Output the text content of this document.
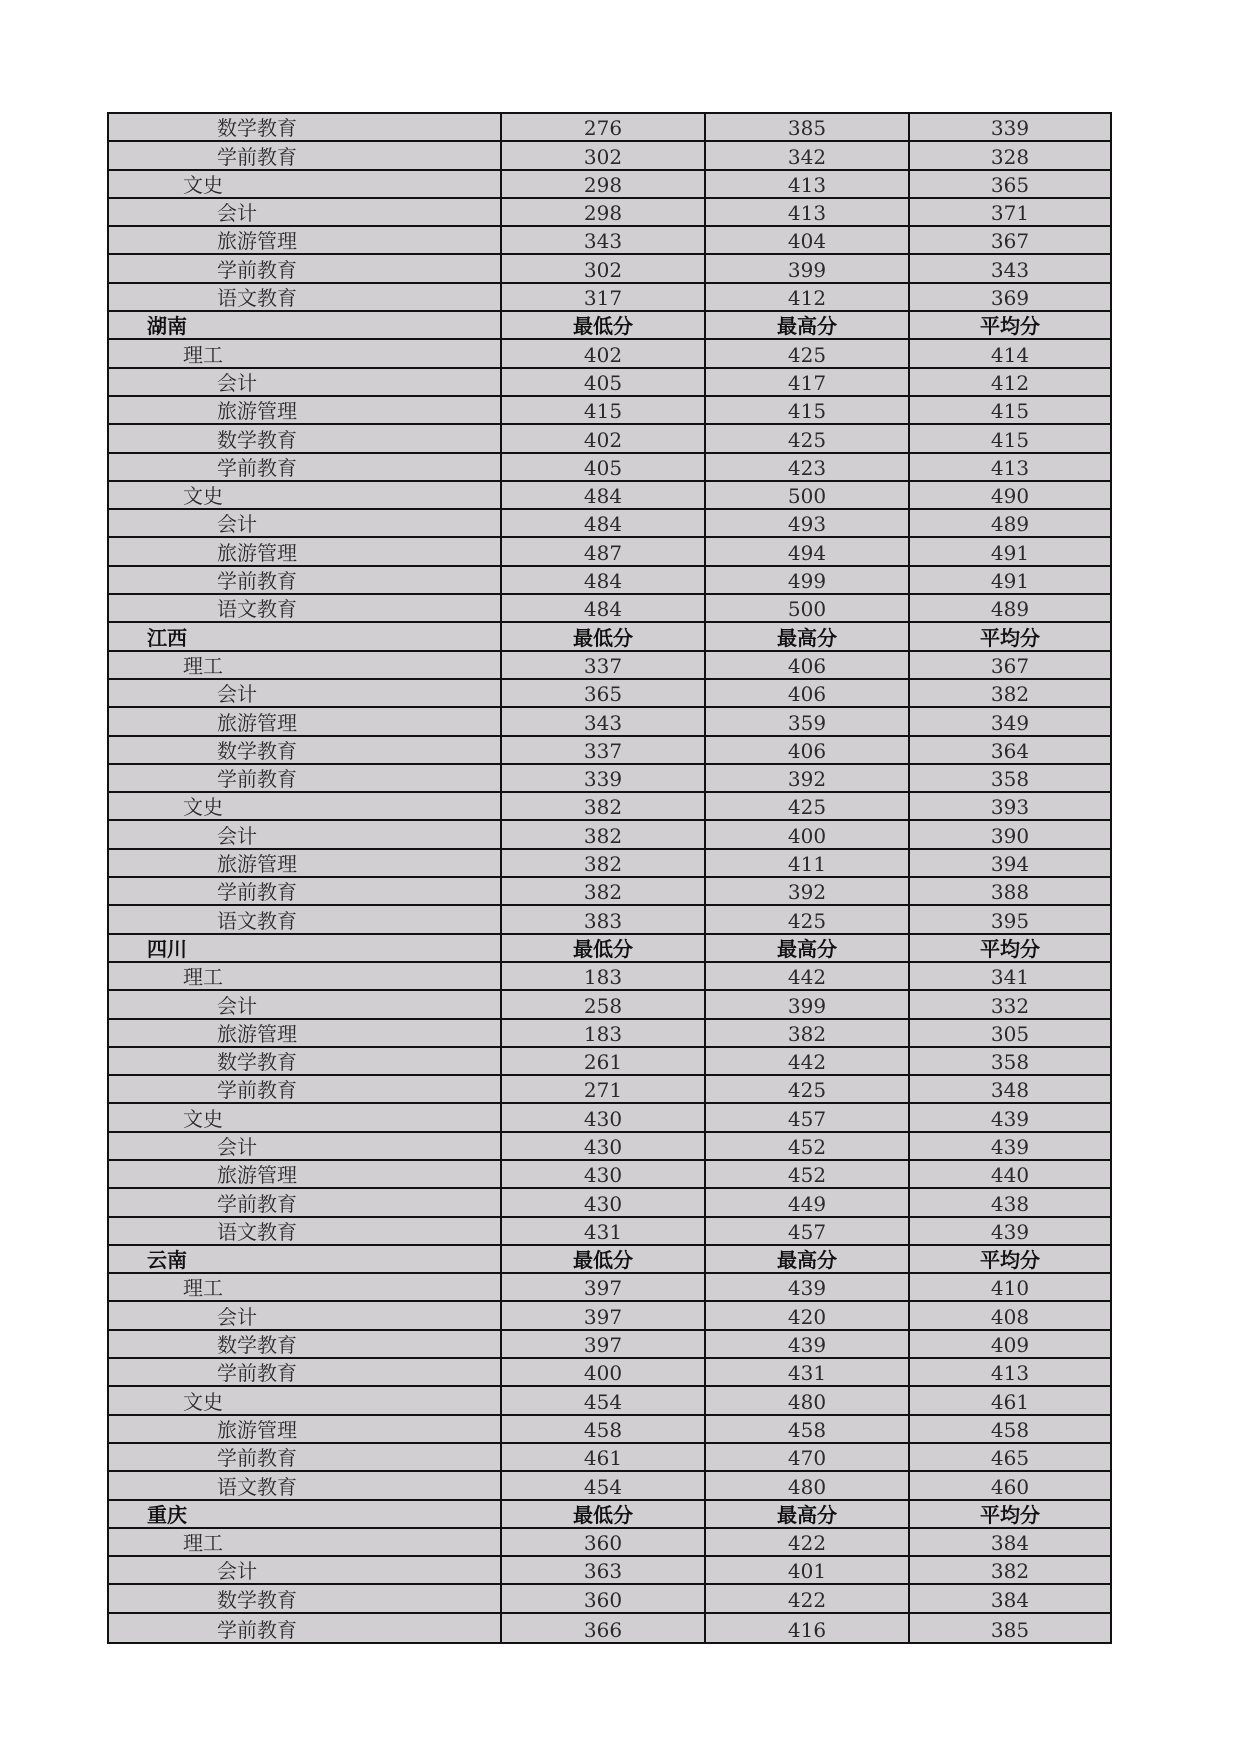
数学教育	276	385	339
学前教育	302	342	328
文史	298	413	365
会计	298	413	371
旅游管理	343	404	367
学前教育	302	399	343
语文教育	317	412	369
湖南	最低分	最高分	平均分
理工	402	425	414
会计	405	417	412
旅游管理	415	415	415
数学教育	402	425	415
学前教育	405	423	413
文史	484	500	490
会计	484	493	489
旅游管理	487	494	491
学前教育	484	499	491
语文教育	484	500	489
江西	最低分	最高分	平均分
理工	337	406	367
会计	365	406	382
旅游管理	343	359	349
数学教育	337	406	364
学前教育	339	392	358
文史	382	425	393
会计	382	400	390
旅游管理	382	411	394
学前教育	382	392	388
语文教育	383	425	395
四川	最低分	最高分	平均分
理工	183	442	341
会计	258	399	332
旅游管理	183	382	305
数学教育	261	442	358
学前教育	271	425	348
文史	430	457	439
会计	430	452	439
旅游管理	430	452	440
学前教育	430	449	438
语文教育	431	457	439
云南	最低分	最高分	平均分
理工	397	439	410
会计	397	420	408
数学教育	397	439	409
学前教育	400	431	413
文史	454	480	461
旅游管理	458	458	458
学前教育	461	470	465
语文教育	454	480	460
重庆	最低分	最高分	平均分
理工	360	422	384
会计	363	401	382
数学教育	360	422	384
学前教育	366	416	385
